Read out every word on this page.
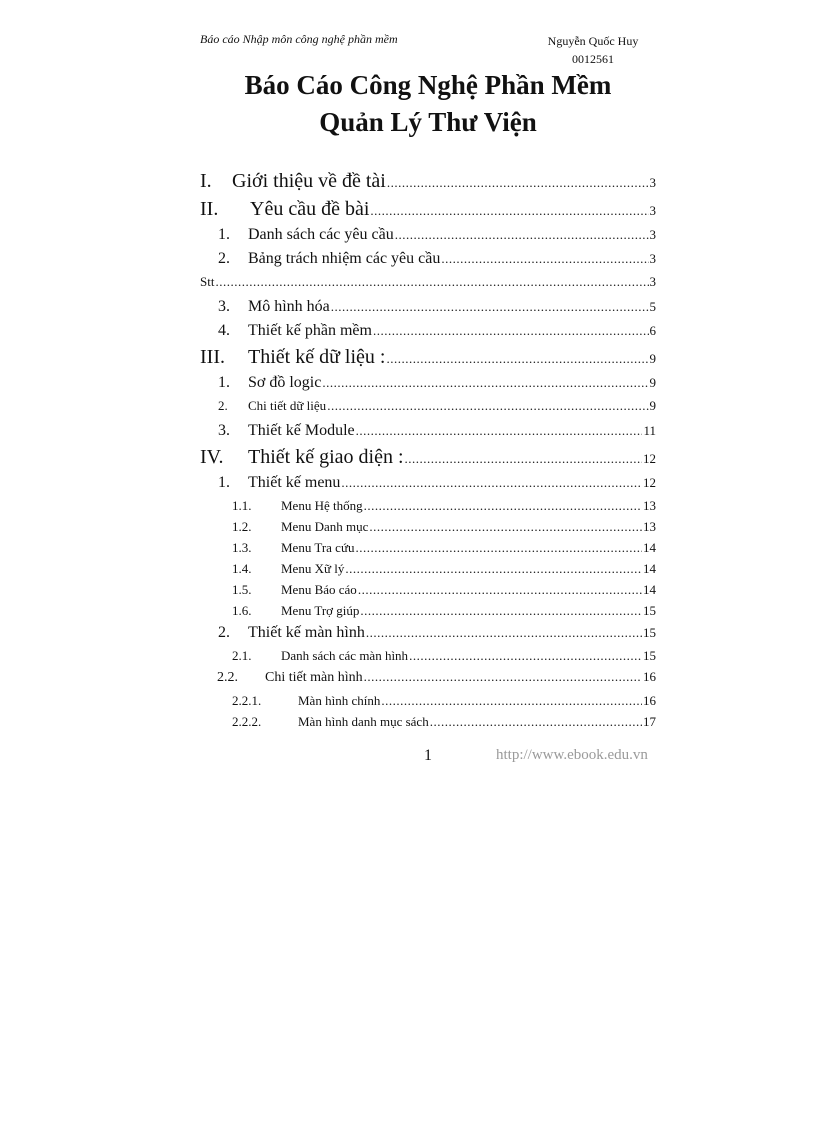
Báo cáo Nhập môn công nghệ phần mềm	Nguyễn Quốc Huy
0012561
Báo Cáo Công Nghệ Phần Mềm
Quản Lý Thư Viện
I.	Giới thiệu về đề tài .....	3
II.	Yêu cầu đề bài .....	3
1.	Danh sách các yêu cầu .....	3
2.	Bảng trách nhiệm các yêu cầu .....	3
Stt .....	3
3.	Mô hình hóa .....	5
4.	Thiết kế phần mềm .....	6
III.	Thiết kế dữ liệu : .....	9
1.	Sơ đồ logic .....	9
2.	Chi tiết dữ liệu .....	9
3.	Thiết kế Module .....	11
IV.	Thiết kế giao diện : .....	12
1.	Thiết kế menu .....	12
1.1.	Menu Hệ thống .....	13
1.2.	Menu Danh mục .....	13
1.3.	Menu Tra cứu .....	14
1.4.	Menu Xữ lý .....	14
1.5.	Menu Báo cáo .....	14
1.6.	Menu Trợ giúp .....	15
2.	Thiết kế màn hình .....	15
2.1.	Danh sách các màn hình .....	15
2.2.	Chi tiết màn hình .....	16
2.2.1.	Màn hình chính .....	16
2.2.2.	Màn hình danh mục sách .....	17
1	http://www.ebook.edu.vn
